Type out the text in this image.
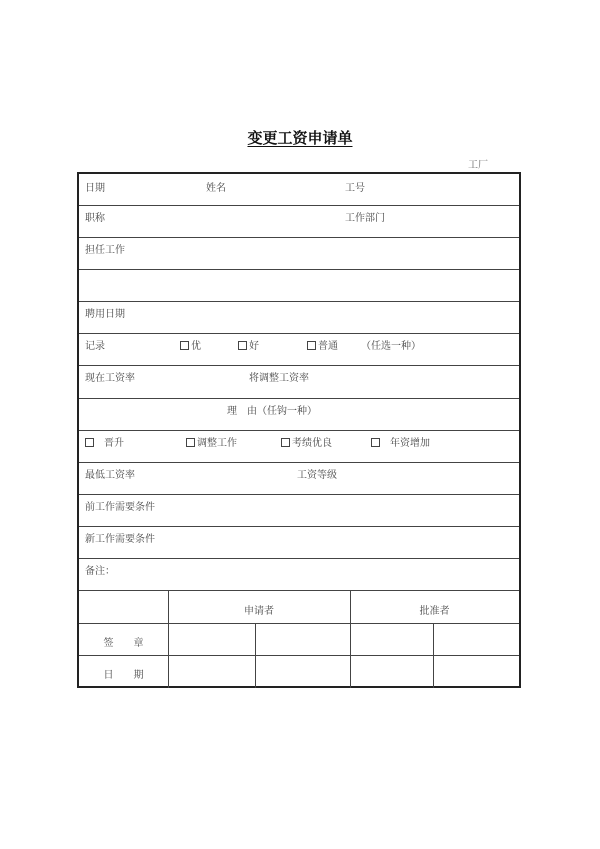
变更工资申请单
工厂
日期	姓名	工号
职称	工作部门
担任工作
聘用日期
记录	优	好	普通 （任选一种）
现在工资率	将调整工资率
理　由（任钩一种）
晋升	调整工作	考绩优良	年资增加
最低工资率	工资等级
前工作需要条件
新工作需要条件
备注：
申请者	批准者
签　　章
日　　期
